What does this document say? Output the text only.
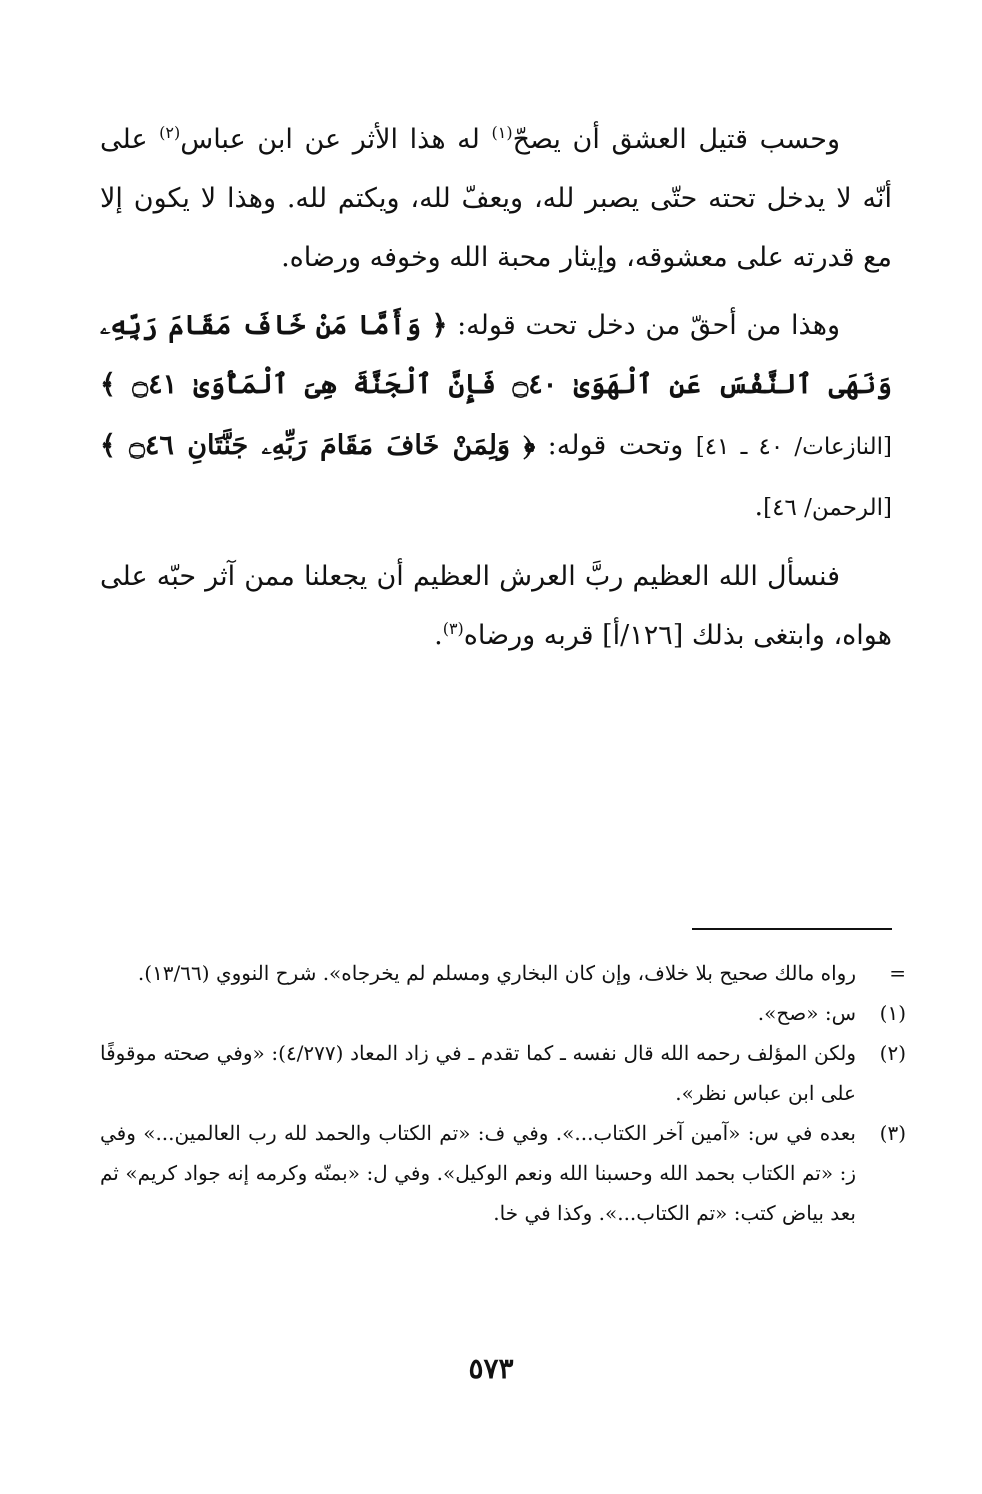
وحسب قتيل العشق أن يصحّ$^{(١)}$ له هذا الأثر عن ابن عباس$^{(٢)}$ على أنّه لا يدخل تحته حتّى يصبر لله، ويعفّ لله، ويكتم لله. وهذا لا يكون إلا مع قدرته على معشوقه، وإيثار محبة الله وخوفه ورضاه.

وهذا من أحقّ من دخل تحت قوله: ﴿ وَأَمَّا مَنْ خَافَ مَقَامَ رَبِّهِۦ وَنَهَى ٱلنَّفْسَ عَنِ ٱلْهَوَىٰ ۝٤٠ فَإِنَّ ٱلْجَنَّةَ هِىَ ٱلْمَأْوَىٰ ۝٤١ ﴾ [النازعات/ ٤٠ ـ ٤١] وتحت قوله: ﴿ وَلِمَنْ خَافَ مَقَامَ رَبِّهِۦ جَنَّتَانِ ۝٤٦ ﴾ [الرحمن/ ٤٦].

فنسأل الله العظيم ربَّ العرش العظيم أن يجعلنا ممن آثر حبّه على هواه، وابتغى بذلك [١٢٦/أ] قربه ورضاه$^{(٣)}$.

=
رواه مالك صحيح بلا خلاف، وإن كان البخاري ومسلم لم يخرجاه». شرح النووي (١٣/٦٦).
(١)
س: «صح».
(٢)
ولكن المؤلف رحمه الله قال نفسه ـ كما تقدم ـ في زاد المعاد (٤/٢٧٧): «وفي صحته موقوفًا على ابن عباس نظر».
(٣)
بعده في س: «آمين آخر الكتاب...». وفي ف: «تم الكتاب والحمد لله رب العالمين...» وفي ز: «تم الكتاب بحمد الله وحسبنا الله ونعم الوكيل». وفي ل: «بمنّه وكرمه إنه جواد كريم» ثم بعد بياض كتب: «تم الكتاب...». وكذا في خا.
٥٧٣
